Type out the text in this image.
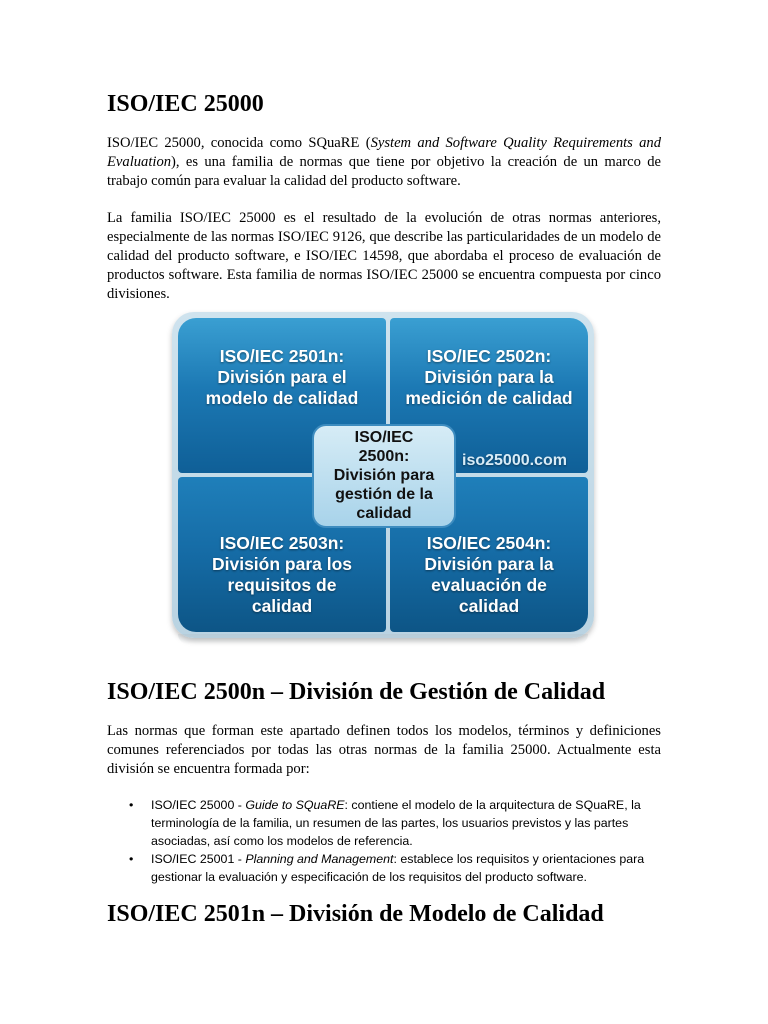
ISO/IEC 25000

ISO/IEC 25000, conocida como SQuaRE (System and Software Quality Requirements and Evaluation), es una familia de normas que tiene por objetivo la creación de un marco de trabajo común para evaluar la calidad del producto software.

La familia ISO/IEC 25000 es el resultado de la evolución de otras normas anteriores, especialmente de las normas ISO/IEC 9126, que describe las particularidades de un modelo de calidad del producto software, e ISO/IEC 14598, que abordaba el proceso de evaluación de productos software. Esta familia de normas ISO/IEC 25000 se encuentra compuesta por cinco divisiones.

ISO/IEC 2501n:
División para el
modelo de calidad
ISO/IEC 2502n:
División para la
medición de calidad
ISO/IEC 2503n:
División para los
requisitos de
calidad
ISO/IEC 2504n:
División para la
evaluación de
calidad
ISO/IEC
2500n:
División para
gestión de la
calidad
iso25000.com
ISO/IEC 2500n – División de Gestión de Calidad

Las normas que forman este apartado definen todos los modelos, términos y definiciones comunes referenciados por todas las otras normas de la familia 25000. Actualmente esta división se encuentra formada por:

• ISO/IEC 25000 - Guide to SQuaRE: contiene el modelo de la arquitectura de SQuaRE, la terminología de la familia, un resumen de las partes, los usuarios previstos y las partes asociadas, así como los modelos de referencia.
• ISO/IEC 25001 - Planning and Management: establece los requisitos y orientaciones para gestionar la evaluación y especificación de los requisitos del producto software.
ISO/IEC 2501n – División de Modelo de Calidad
